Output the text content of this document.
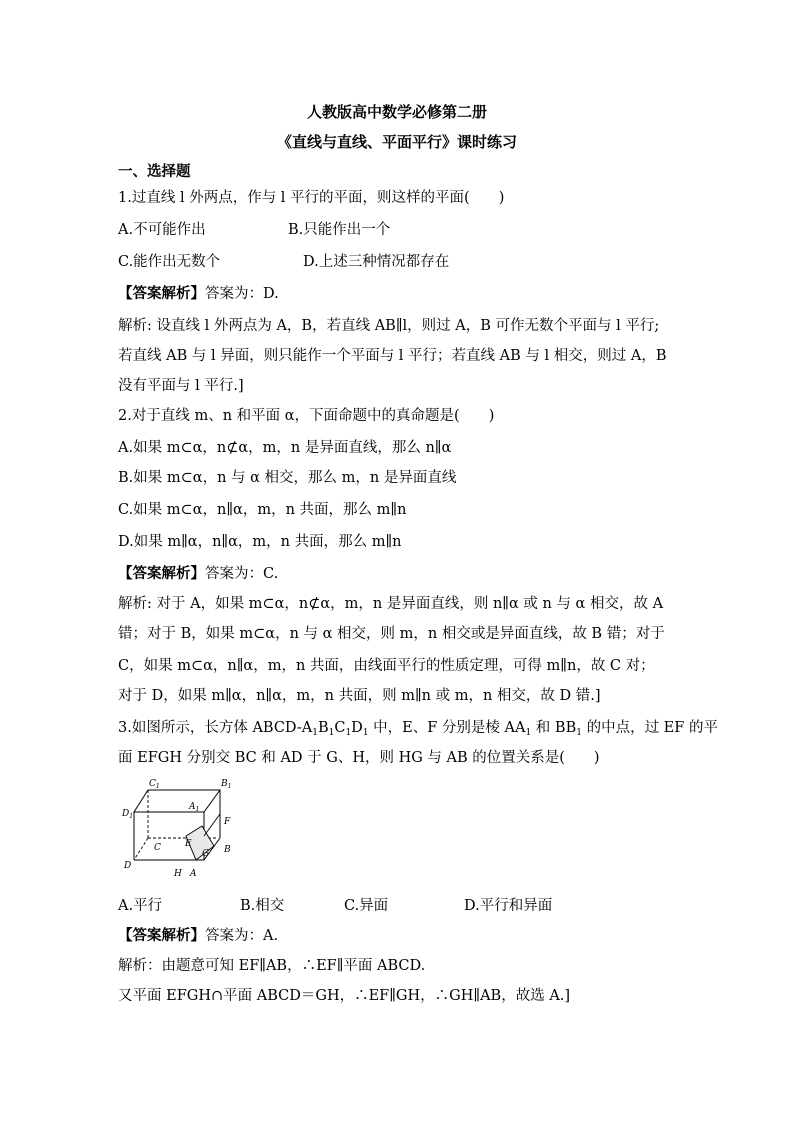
人教版高中数学必修第二册
《直线与直线、平面平行》课时练习
一、选择题
1.过直线 l 外两点，作与 l 平行的平面，则这样的平面(　　)
A.不可能作出	B.只能作出一个
C.能作出无数个	D.上述三种情况都存在
【答案解析】答案为：D.
解析: 设直线 l 外两点为 A，B，若直线 AB∥l，则过 A，B 可作无数个平面与 l 平行;
若直线 AB 与 l 异面，则只能作一个平面与 l 平行；若直线 AB 与 l 相交，则过 A，B
没有平面与 l 平行.]
2.对于直线 m、n 和平面 α，下面命题中的真命题是(　　)
A.如果 m⊂α，n⊄α，m，n 是异面直线，那么 n∥α
B.如果 m⊂α，n 与 α 相交，那么 m，n 是异面直线
C.如果 m⊂α，n∥α，m，n 共面，那么 m∥n
D.如果 m∥α，n∥α，m，n 共面，那么 m∥n
【答案解析】答案为：C.
解析: 对于 A，如果 m⊂α，n⊄α，m，n 是异面直线，则 n∥α 或 n 与 α 相交，故 A
错；对于 B，如果 m⊂α，n 与 α 相交，则 m，n 相交或是异面直线，故 B 错；对于
C，如果 m⊂α，n∥α，m，n 共面，由线面平行的性质定理，可得 m∥n，故 C 对；
对于 D，如果 m∥α，n∥α，m，n 共面，则 m∥n 或 m，n 相交，故 D 错.]
3.如图所示，长方体 ABCD-$A_1B_1C_1D_1$ 中，E、F 分别是棱 $AA_1$ 和 $BB_1$ 的中点，过 EF 的平
面 EFGH 分别交 BC 和 AD 于 G、H，则 HG 与 AB 的位置关系是(　　)
$C_1$	$B_1$
$D_1$
$A_1$
F
C	E
G B
D
H A
A.平行	B.相交	C.异面	D.平行和异面
【答案解析】答案为：A.
解析：由题意可知 EF∥AB，∴EF∥平面 ABCD.
又平面 EFGH∩平面 ABCD＝GH，∴EF∥GH，∴GH∥AB，故选 A.]
